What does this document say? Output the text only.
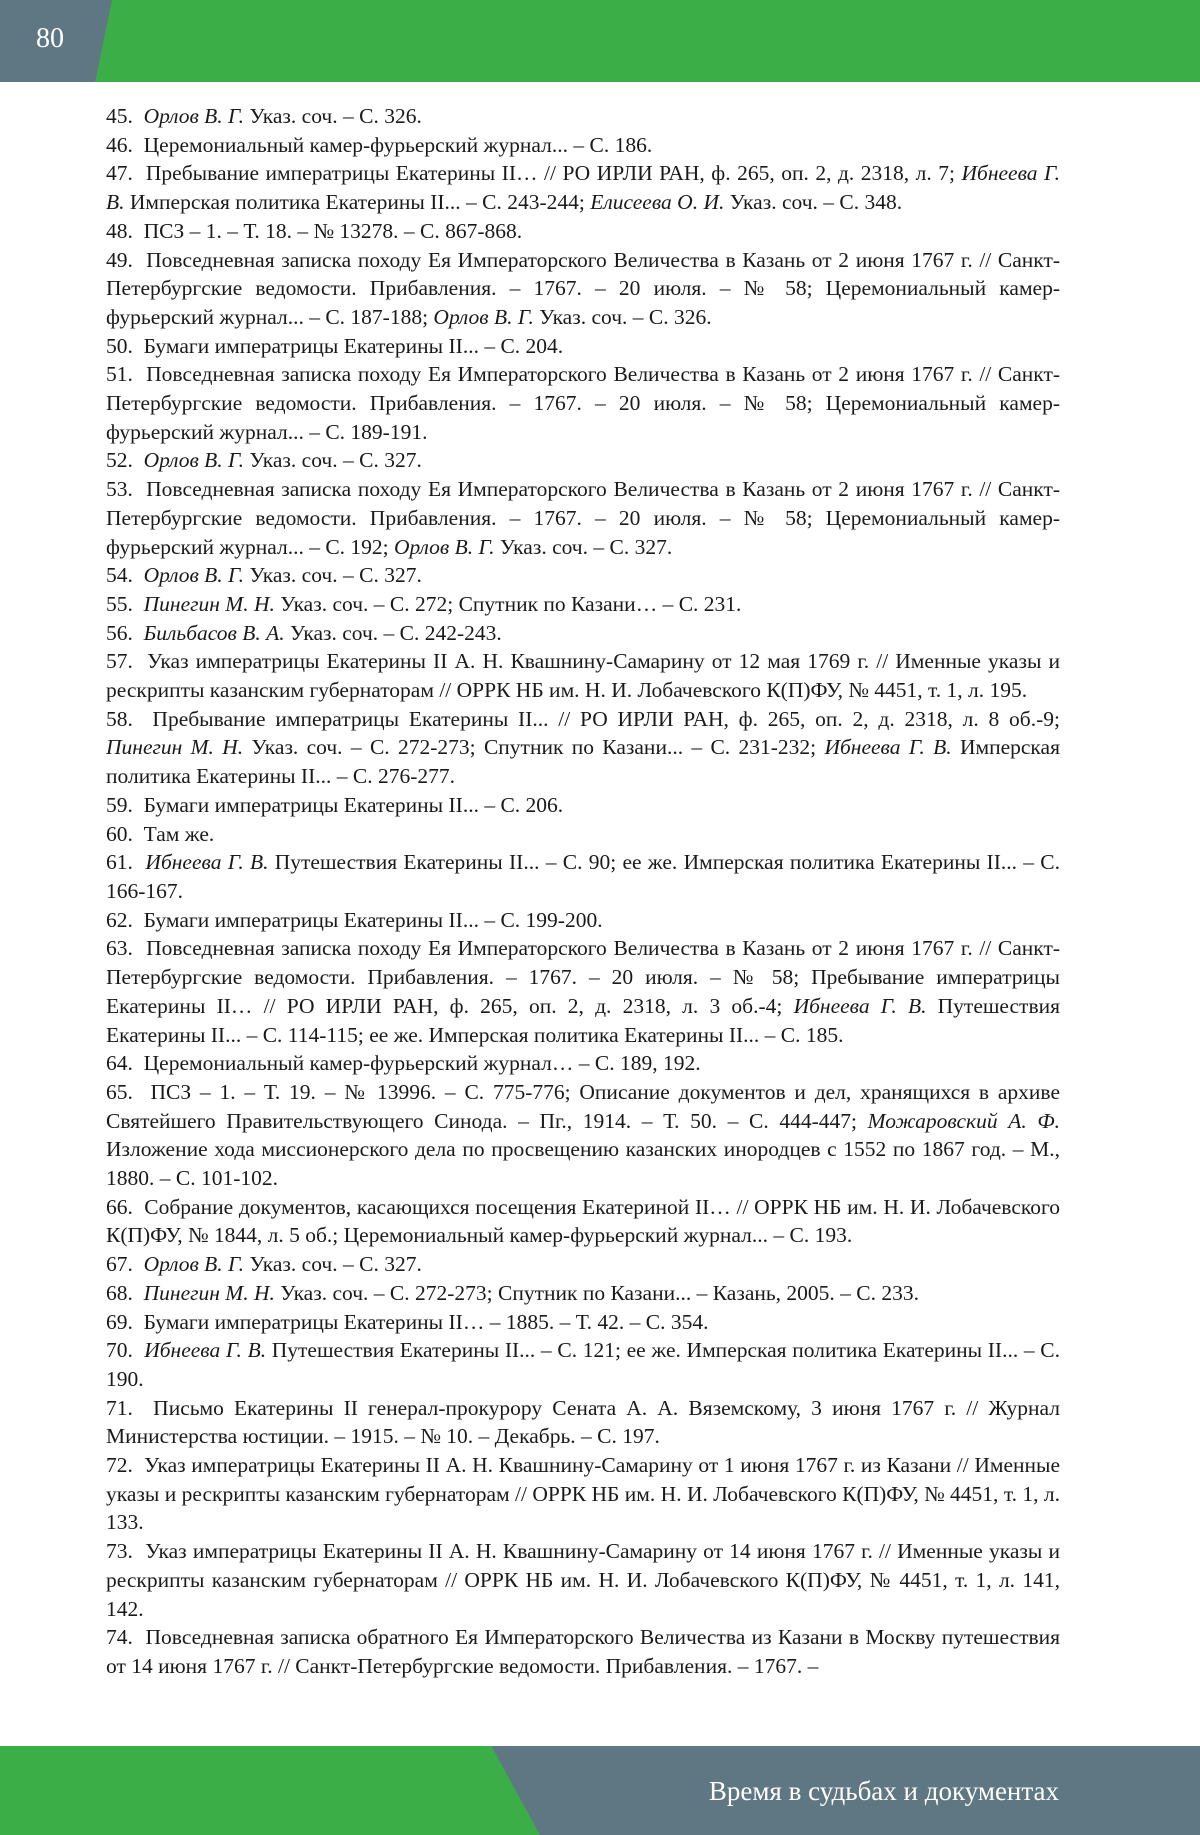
80

45.  Орлов В. Г. Указ. соч. – С. 326.

46.  Церемониальный камер-фурьерский журнал... – С. 186.

47.  Пребывание императрицы Екатерины II… // РО ИРЛИ РАН, ф. 265, оп. 2, д. 2318, л. 7; Ибнеева Г. В. Имперская политика Екатерины II... – С. 243-244; Елисеева О. И. Указ. соч. – С. 348.

48.  ПСЗ – 1. – Т. 18. – № 13278. – С. 867-868.

49.  Повседневная записка походу Ея Императорского Величества в Казань от 2 июня 1767 г. // Санкт-Петербургские ведомости. Прибавления. – 1767. – 20 июля. – № 58; Церемониальный камер-фурьерский журнал... – С. 187-188; Орлов В. Г. Указ. соч. – С. 326.

50.  Бумаги императрицы Екатерины II... – С. 204.

51.  Повседневная записка походу Ея Императорского Величества в Казань от 2 июня 1767 г. // Санкт-Петербургские ведомости. Прибавления. – 1767. – 20 июля. – № 58; Церемониальный камер-фурьерский журнал... – С. 189-191.

52.  Орлов В. Г. Указ. соч. – С. 327.

53.  Повседневная записка походу Ея Императорского Величества в Казань от 2 июня 1767 г. // Санкт-Петербургские ведомости. Прибавления. – 1767. – 20 июля. – № 58; Церемониальный камер-фурьерский журнал... – С. 192; Орлов В. Г. Указ. соч. – С. 327.

54.  Орлов В. Г. Указ. соч. – С. 327.

55.  Пинегин М. Н. Указ. соч. – С. 272; Спутник по Казани… – С. 231.

56.  Бильбасов В. А. Указ. соч. – С. 242-243.

57.  Указ императрицы Екатерины II А. Н. Квашнину-Самарину от 12 мая 1769 г. // Именные указы и рескрипты казанским губернаторам // ОРРК НБ им. Н. И. Лобачевского К(П)ФУ, № 4451, т. 1, л. 195.

58.  Пребывание императрицы Екатерины II... // РО ИРЛИ РАН, ф. 265, оп. 2, д. 2318, л. 8 об.-9; Пинегин М. Н. Указ. соч. – С. 272-273; Спутник по Казани... – С. 231-232; Ибнеева Г. В. Имперская политика Екатерины II... – С. 276-277.

59.  Бумаги императрицы Екатерины II... – С. 206.

60.  Там же.

61.  Ибнеева Г. В. Путешествия Екатерины II... – С. 90; ее же. Имперская политика Екатерины II... – С. 166-167.

62.  Бумаги императрицы Екатерины II... – С. 199-200.

63.  Повседневная записка походу Ея Императорского Величества в Казань от 2 июня 1767 г. // Санкт-Петербургские ведомости. Прибавления. – 1767. – 20 июля. – № 58; Пребывание императрицы Екатерины II… // РО ИРЛИ РАН, ф. 265, оп. 2, д. 2318, л. 3 об.-4; Ибнеева Г. В. Путешествия Екатерины II... – С. 114-115; ее же. Имперская политика Екатерины II... – С. 185.

64.  Церемониальный камер-фурьерский журнал… – С. 189, 192.

65.  ПСЗ – 1. – Т. 19. – № 13996. – С. 775-776; Описание документов и дел, хранящихся в архиве Святейшего Правительствующего Синода. – Пг., 1914. – Т. 50. – С. 444-447; Можаровский А. Ф. Изложение хода миссионерского дела по просвещению казанских инородцев с 1552 по 1867 год. – М., 1880. – С. 101-102.

66.  Собрание документов, касающихся посещения Екатериной II… // ОРРК НБ им. Н. И. Лобачевского К(П)ФУ, № 1844, л. 5 об.; Церемониальный камер-фурьерский журнал... – С. 193.

67.  Орлов В. Г. Указ. соч. – С. 327.

68.  Пинегин М. Н. Указ. соч. – С. 272-273; Спутник по Казани... – Казань, 2005. – С. 233.

69.  Бумаги императрицы Екатерины II… – 1885. – Т. 42. – С. 354.

70.  Ибнеева Г. В. Путешествия Екатерины II... – С. 121; ее же. Имперская политика Екатерины II... – С. 190.

71.  Письмо Екатерины II генерал-прокурору Сената А. А. Вяземскому, 3 июня 1767 г. // Журнал Министерства юстиции. – 1915. – № 10. – Декабрь. – С. 197.

72.  Указ императрицы Екатерины II А. Н. Квашнину-Самарину от 1 июня 1767 г. из Казани // Именные указы и рескрипты казанским губернаторам // ОРРК НБ им. Н. И. Лобачевского К(П)ФУ, № 4451, т. 1, л. 133.

73.  Указ императрицы Екатерины II А. Н. Квашнину-Самарину от 14 июня 1767 г. // Именные указы и рескрипты казанским губернаторам // ОРРК НБ им. Н. И. Лобачевского К(П)ФУ, № 4451, т. 1, л. 141, 142.

74.  Повседневная записка обратного Ея Императорского Величества из Казани в Москву путешествия от 14 июня 1767 г. // Санкт-Петербургские ведомости. Прибавления. – 1767. –

Время в судьбах и документах
